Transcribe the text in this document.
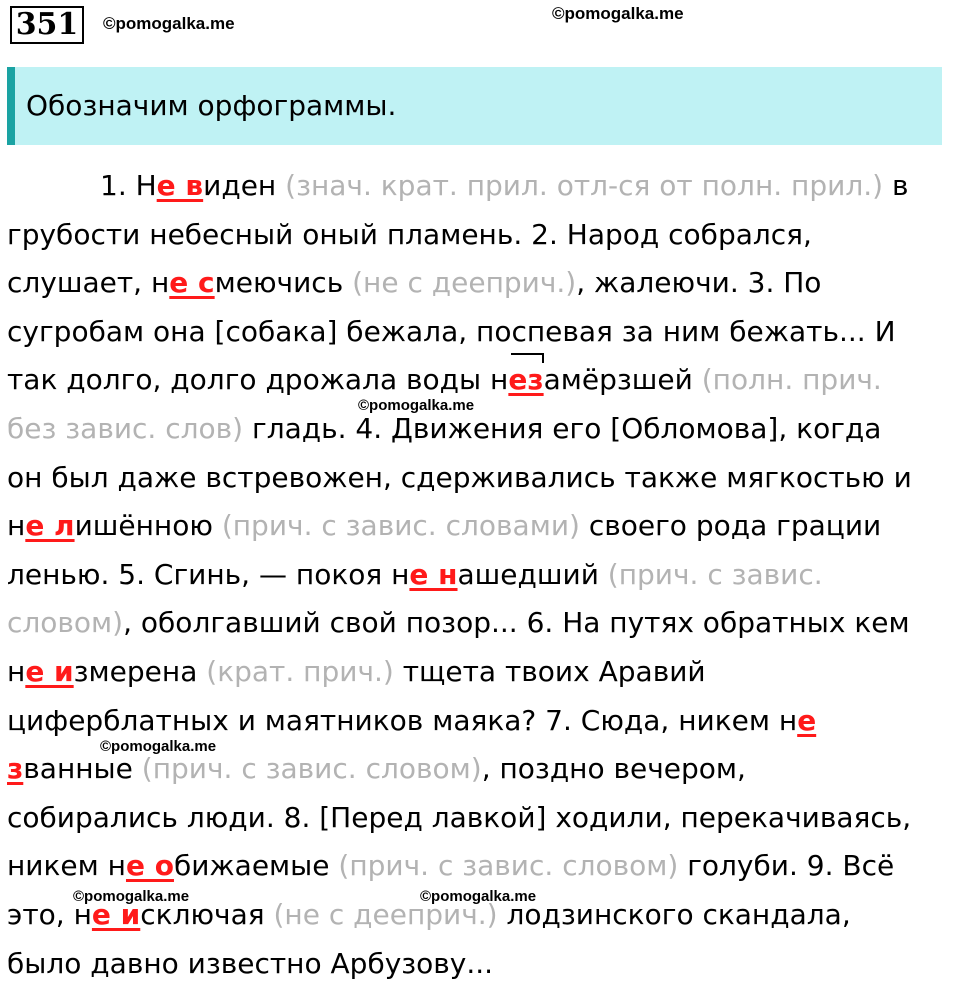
351	©pomogalka.me
©pomogalka.me
Обозначим орфограммы.
1. Не виден (знач. крат. прил. отл-ся от полн. прил.) в
грубости небесный оный пламень. 2. Народ собрался,
слушает, не смеючись (не с дееприч.), жалеючи. 3. По
сугробам она [собака] бежала, поспевая за ним бежать... И
так долго, долго дрожала воды незамёрзшей (полн. прич.
без завис. слов) гладь. 4. Движения его [Обломова], когда
он был даже встревожен, сдерживались также мягкостью и
не лишённою (прич. с завис. словами) своего рода грации
ленью. 5. Сгинь, — покоя не нашедший (прич. с завис.
словом), оболгавший свой позор... 6. На путях обратных кем
не измерена (крат. прич.) тщета твоих Аравий
циферблатных и маятников маяка? 7. Сюда, никем не
званные (прич. с завис. словом), поздно вечером,
собирались люди. 8. [Перед лавкой] ходили, перекачиваясь,
никем не обижаемые (прич. с завис. словом) голуби. 9. Всё
это, не исключая (не с дееприч.) лодзинского скандала,
было давно известно Арбузову...
©pomogalka.me
©pomogalka.me
©pomogalka.me	©pomogalka.me
